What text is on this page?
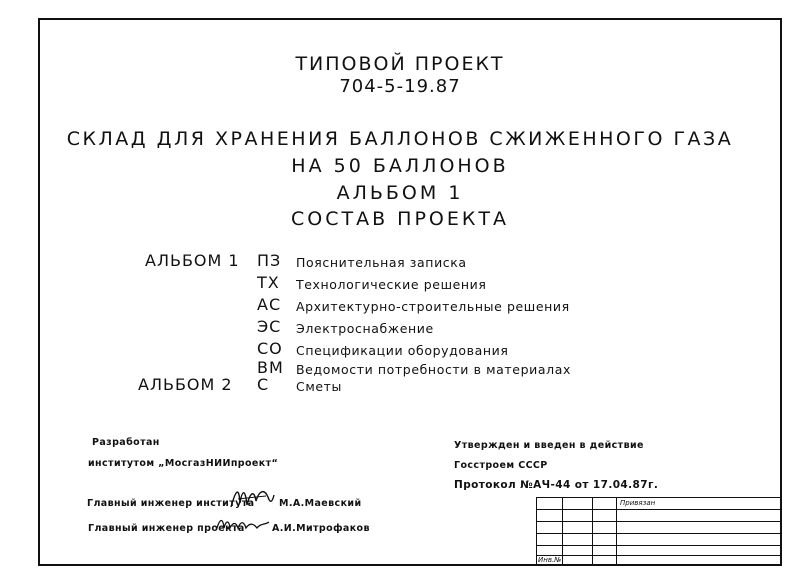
ТИПОВОЙ ПРОЕКТ
704-5-19.87
СКЛАД ДЛЯ ХРАНЕНИЯ БАЛЛОНОВ СЖИЖЕННОГО ГАЗА
НА 50 БАЛЛОНОВ
АЛЬБОМ 1
СОСТАВ ПРОЕКТА
АЛЬБОМ 1 ПЗ	Пояснительная записка
ТХ	Технологические решения
АС	Архитектурно-строительные решения
ЭС	Электроснабжение
СО	Спецификации оборудования
ВМ Ведомости потребности в материалах
АЛЬБОМ 2 С	Сметы
Разработан
институтом „МосгазНИИпроект“
Главный инженер института	М.А.Маевский
Главный инженер проекта	А.И.Митрофаков
Утвержден и введен в действие
Госстроем СССР
Протокол №АЧ-44 от 17.04.87г.
Привязан
Инв.№
